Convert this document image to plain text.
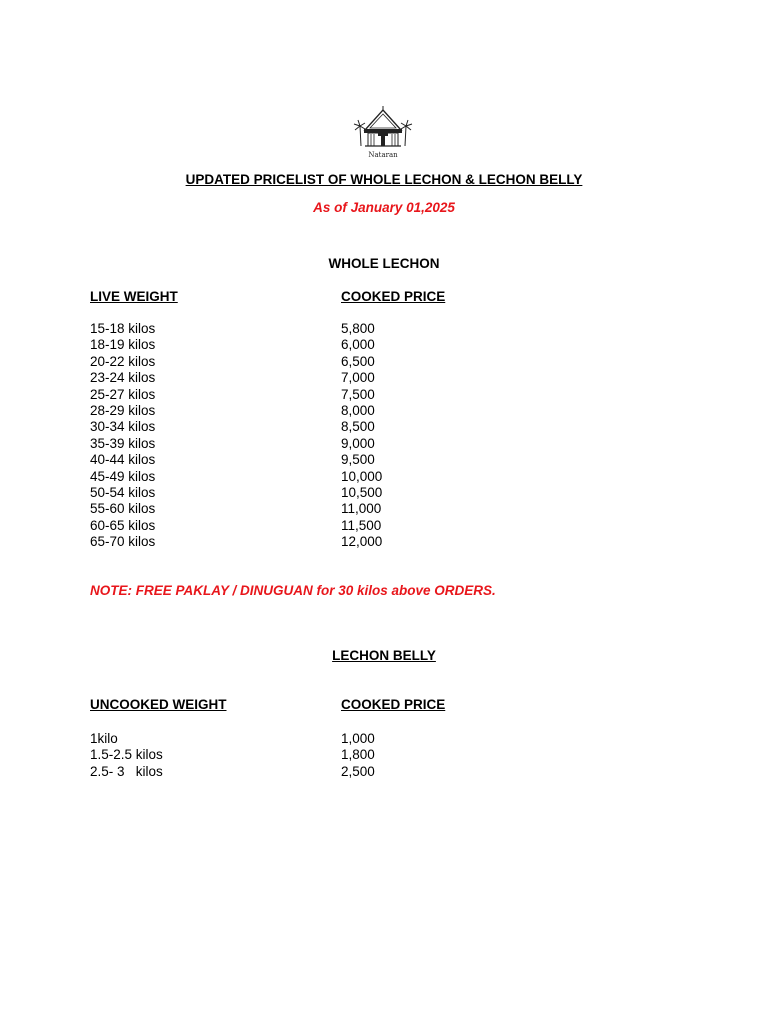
Nataran
UPDATED PRICELIST OF WHOLE LECHON & LECHON BELLY
As of January 01,2025
WHOLE LECHON
LIVE WEIGHT	COOKED PRICE
15-18 kilos
18-19 kilos
20-22 kilos
23-24 kilos
25-27 kilos
28-29 kilos
30-34 kilos
35-39 kilos
40-44 kilos
45-49 kilos
50-54 kilos
55-60 kilos
60-65 kilos
65-70 kilos
5,800
6,000
6,500
7,000
7,500
8,000
8,500
9,000
9,500
10,000
10,500
11,000
11,500
12,000
NOTE: FREE PAKLAY / DINUGUAN for 30 kilos above ORDERS.
LECHON BELLY
UNCOOKED WEIGHT	COOKED PRICE
1kilo
1.5-2.5 kilos
2.5- 3   kilos
1,000
1,800
2,500
